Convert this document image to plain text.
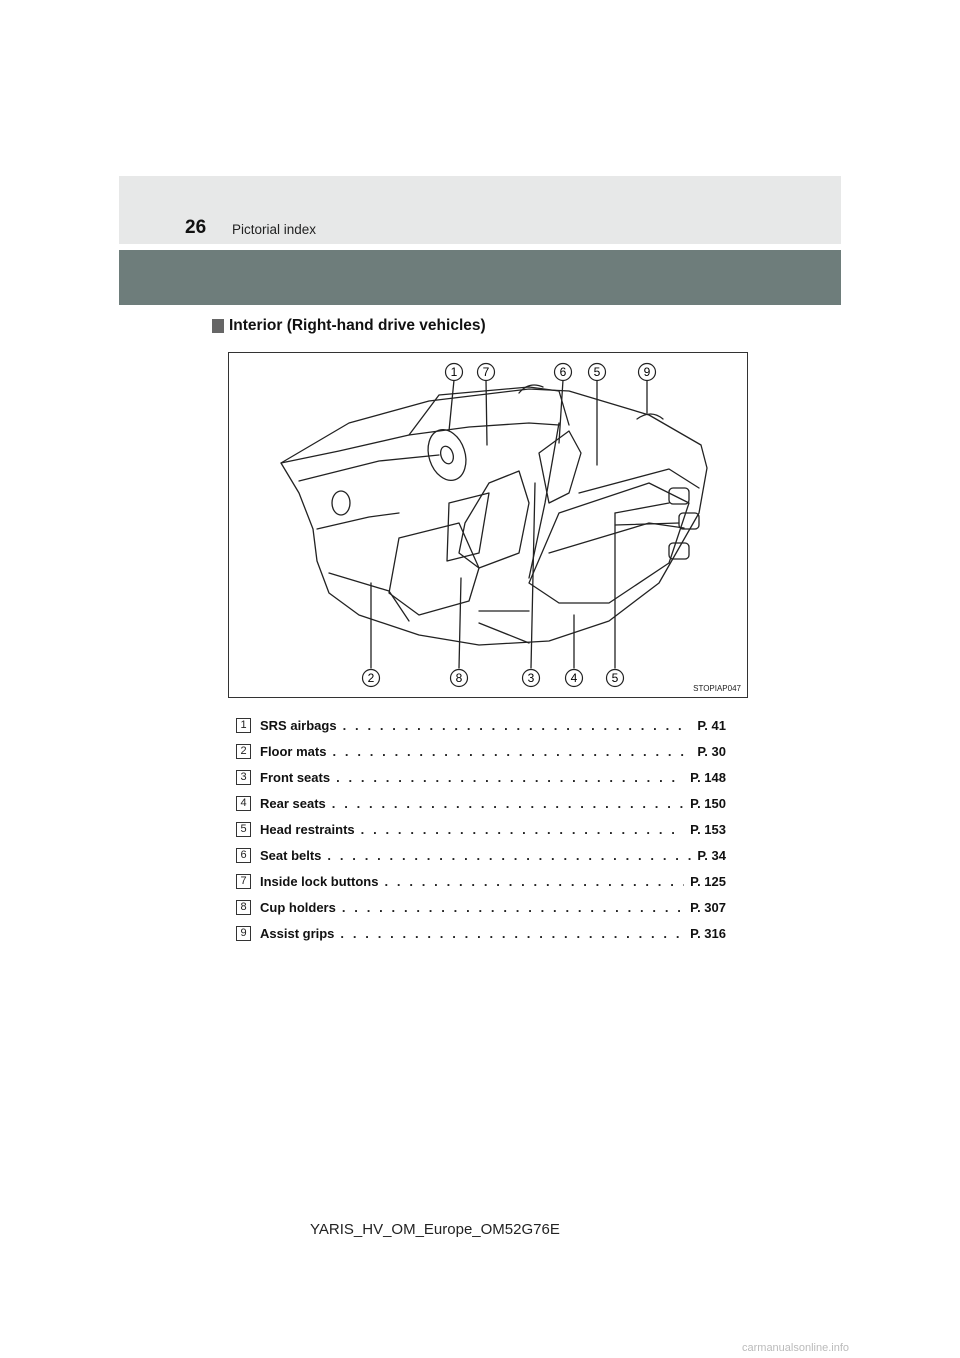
26 Pictorial index
Interior (Right-hand drive vehicles)
1 7	6 5	9
2	8	3	4	5
STOPIAP047
1	SRS airbags . . .	P. 41
2	Floor mats . . .	P. 30
3	Front seats . . .	P. 148
4	Rear seats . . .	P. 150
5	Head restraints . . .	P. 153
6	Seat belts . . .	P. 34
7	Inside lock buttons . . .	P. 125
8	Cup holders . . .	P. 307
9	Assist grips . . .	P. 316
YARIS_HV_OM_Europe_OM52G76E
carmanualsonline.info
